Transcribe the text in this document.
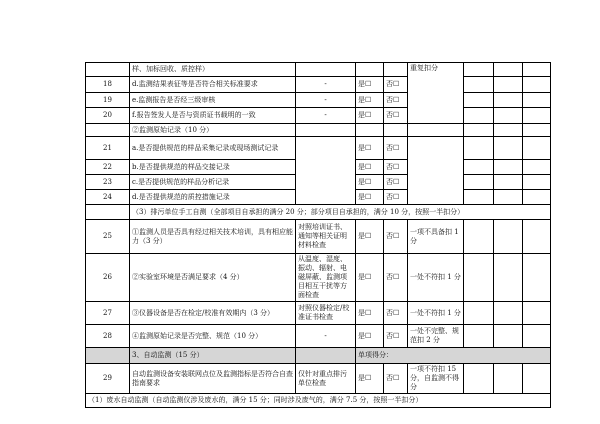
	样、加标回收、质控样）				重复扣分			
18	d.监测结果表征等是否符合相关标准要求	-	是☐	否☐				
19	e.监测报告是否经三级审核	-	是☐	否☐				
20	f.报告签发人是否与资质证书载明的一致	-	是☐	否☐				
	②监测原始记录（10 分）							
21	a.是否提供规范的样品采集记录或现场测试记录		是☐	否☐				
22	b.是否提供规范的样品交接记录		是☐	否☐				
23	c.是否提供规范的样品分析记录		是☐	否☐				
24	d.是否提供规范的质控措施记录		是☐	否☐				
	（3）排污单位手工自测（全部项目自承担的满分 20 分；部分项目自承担的，满分 10 分，按照一半扣分）							
25	①监测人员是否具有经过相关技术培训，具有相应能力（3 分）	对照培训证书、通知等相关证明材料检查	是☐	否☐	一项不具备扣 1 分			
26	②实验室环境是否满足要求（4 分）	从温度、湿度、振动、辐射、电磁屏蔽、监测项目相互干扰等方面检查	是☐	否☐	一处不符扣 1 分			
27	③仪器设备是否在检定/校准有效期内（3 分）	对照仪器检定/校准证书检查	是☐	否☐	一处不符扣 1 分			
28	④监测原始记录是否完整、规范（10 分）	-	是☐	否☐	一处不完整、规范扣 2 分			
	3、自动监测（15 分）		单项得分：					
29	自动监测设备安装联网点位及监测指标是否符合自查指南要求	仅针对重点排污单位检查	是☐	否☐	一项不符扣 15 分，自监测不得分			
（1）废水自动监测（自动监测仪涉及废水的，满分 15 分；同时涉及废气的，满分 7.5 分，按照一半扣分）								
